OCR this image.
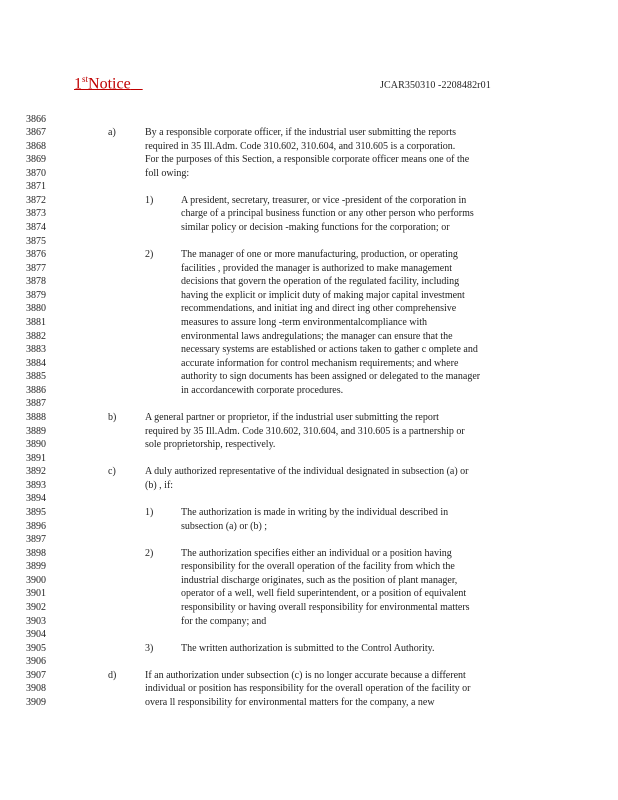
1stNotice	JCAR350310 -2208482r01
3866
3867	a)	By a responsible corporate officer, if the industrial user submitting the reports
3868	required in 35 Ill.Adm. Code 310.602, 310.604, and 310.605 is a corporation.
3869	For the purposes of this Section, a responsible corporate officer means one of the
3870	foll owing:
3871
3872	1)	A president, secretary, treasurer, or vice -president of the corporation in
3873	charge of a principal business function or any other person who performs
3874	similar policy or decision -making functions for the corporation; or
3875
3876	2)	The manager of one or more manufacturing, production, or operating
3877	facilities , provided the manager is authorized to make management
3878	decisions that govern the operation of the regulated facility, including
3879	having the explicit or implicit duty of making major capital investment
3880	recommendations, and initiat ing and direct ing other comprehensive
3881	measures to assure long -term environmentalcompliance with
3882	environmental laws andregulations; the manager can ensure that the
3883	necessary systems are established or actions taken to gather c omplete and
3884	accurate information for control mechanism requirements; and where
3885	authority to sign documents has been assigned or delegated to the manager
3886	in accordancewith corporate procedures.
3887
3888	b)	A general partner or proprietor, if the industrial user submitting the report
3889	required by 35 Ill.Adm. Code 310.602, 310.604, and 310.605 is a partnership or
3890	sole proprietorship, respectively.
3891
3892	c)	A duly authorized representative of the individual designated in subsection (a) or
3893	(b) , if:
3894
3895	1)	The authorization is made in writing by the individual described in
3896	subsection (a) or (b) ;
3897
3898	2)	The authorization specifies either an individual or a position having
3899	responsibility for the overall operation of the facility from which the
3900	industrial discharge originates, such as the position of plant manager,
3901	operator of a well, well field superintendent, or a position of equivalent
3902	responsibility or having overall responsibility for environmental matters
3903	for the company; and
3904
3905	3)	The written authorization is submitted to the Control Authority.
3906
3907	d)	If an authorization under subsection (c) is no longer accurate because a different
3908	individual or position has responsibility for the overall operation of the facility or
3909	overa ll responsibility for environmental matters for the company, a new
